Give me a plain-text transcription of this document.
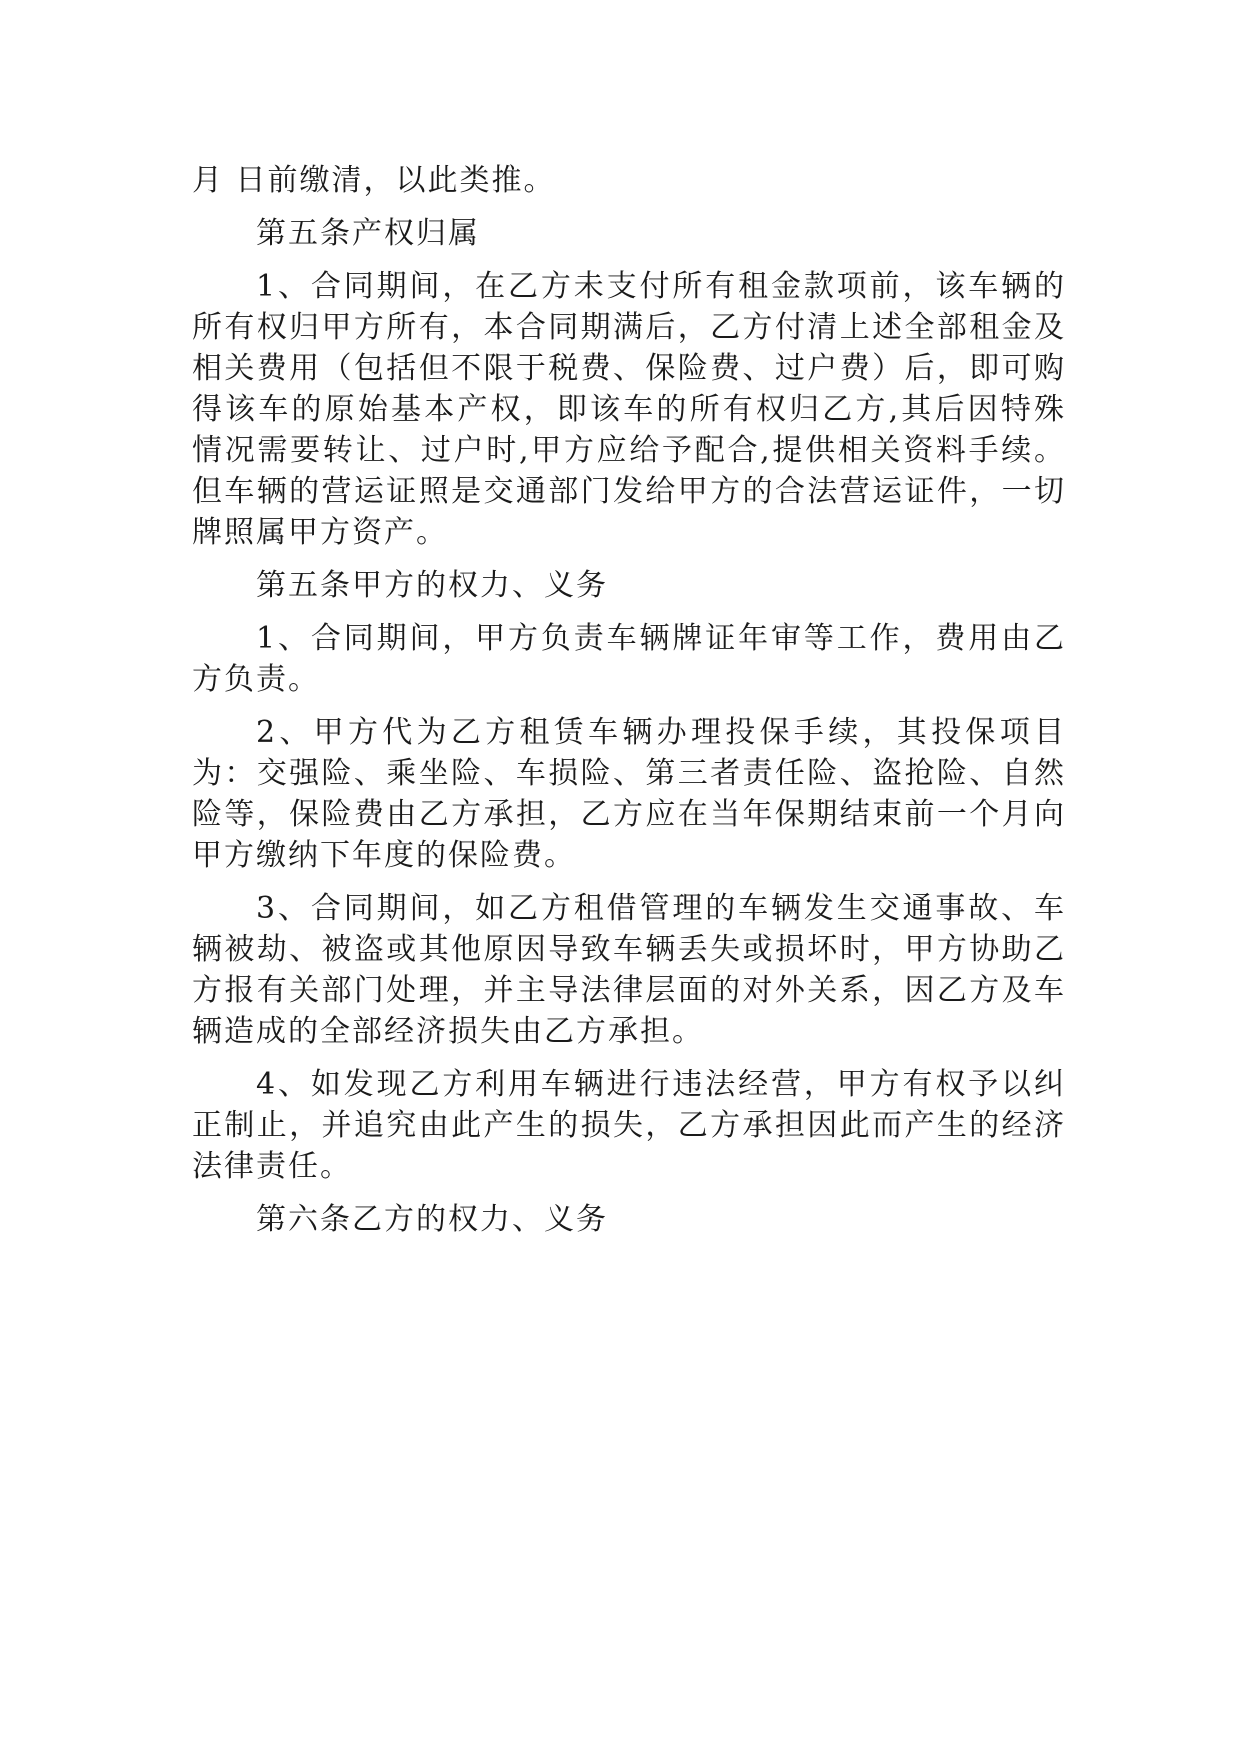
月 日前缴清，以此类推。

第五条产权归属

1、合同期间，在乙方未支付所有租金款项前，该车辆的所有权归甲方所有，本合同期满后，乙方付清上述全部租金及相关费用（包括但不限于税费、保险费、过户费）后，即可购得该车的原始基本产权，即该车的所有权归乙方,其后因特殊情况需要转让、过户时,甲方应给予配合,提供相关资料手续。但车辆的营运证照是交通部门发给甲方的合法营运证件，一切牌照属甲方资产。

第五条甲方的权力、义务

1、合同期间，甲方负责车辆牌证年审等工作，费用由乙方负责。

2、甲方代为乙方租赁车辆办理投保手续，其投保项目为：交强险、乘坐险、车损险、第三者责任险、盗抢险、自然险等，保险费由乙方承担，乙方应在当年保期结束前一个月向甲方缴纳下年度的保险费。

3、合同期间，如乙方租借管理的车辆发生交通事故、车辆被劫、被盗或其他原因导致车辆丢失或损坏时，甲方协助乙方报有关部门处理，并主导法律层面的对外关系，因乙方及车辆造成的全部经济损失由乙方承担。

4、如发现乙方利用车辆进行违法经营，甲方有权予以纠正制止，并追究由此产生的损失，乙方承担因此而产生的经济法律责任。

第六条乙方的权力、义务
